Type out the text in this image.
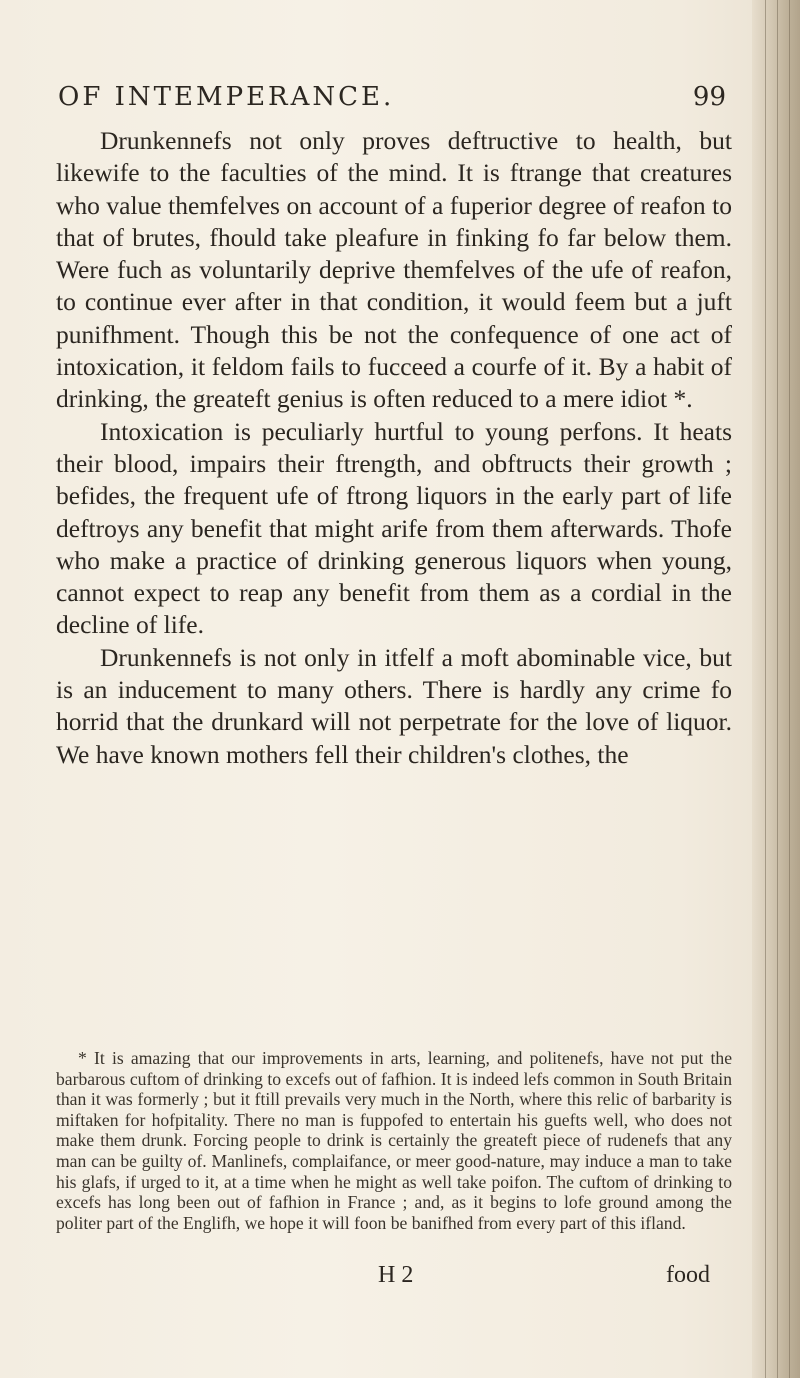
OF INTEMPERANCE.	99

Drunkennefs not only proves deftructive to health, but likewife to the faculties of the mind. It is ftrange that creatures who value themfelves on account of a fuperior degree of reafon to that of brutes, fhould take pleafure in finking fo far below them. Were fuch as voluntarily deprive themfelves of the ufe of reafon, to continue ever after in that condition, it would feem but a juft punifhment. Though this be not the confequence of one act of intoxication, it feldom fails to fucceed a courfe of it. By a habit of drinking, the greateft genius is often reduced to a mere idiot *.

Intoxication is peculiarly hurtful to young perfons. It heats their blood, impairs their ftrength, and obftructs their growth ; befides, the frequent ufe of ftrong liquors in the early part of life deftroys any benefit that might arife from them afterwards. Thofe who make a practice of drinking generous liquors when young, cannot expect to reap any benefit from them as a cordial in the decline of life.

Drunkennefs is not only in itfelf a moft abominable vice, but is an inducement to many others. There is hardly any crime fo horrid that the drunkard will not perpetrate for the love of liquor. We have known mothers fell their children's clothes, the

* It is amazing that our improvements in arts, learning, and politenefs, have not put the barbarous cuftom of drinking to excefs out of fafhion. It is indeed lefs common in South Britain than it was formerly ; but it ftill prevails very much in the North, where this relic of barbarity is miftaken for hofpitality. There no man is fuppofed to entertain his guefts well, who does not make them drunk. Forcing people to drink is certainly the greateft piece of rudenefs that any man can be guilty of. Manlinefs, complaifance, or meer good-nature, may induce a man to take his glafs, if urged to it, at a time when he might as well take poifon. The cuftom of drinking to excefs has long been out of fafhion in France ; and, as it begins to lofe ground among the politer part of the Englifh, we hope it will foon be banifhed from every part of this ifland.

H 2	food
